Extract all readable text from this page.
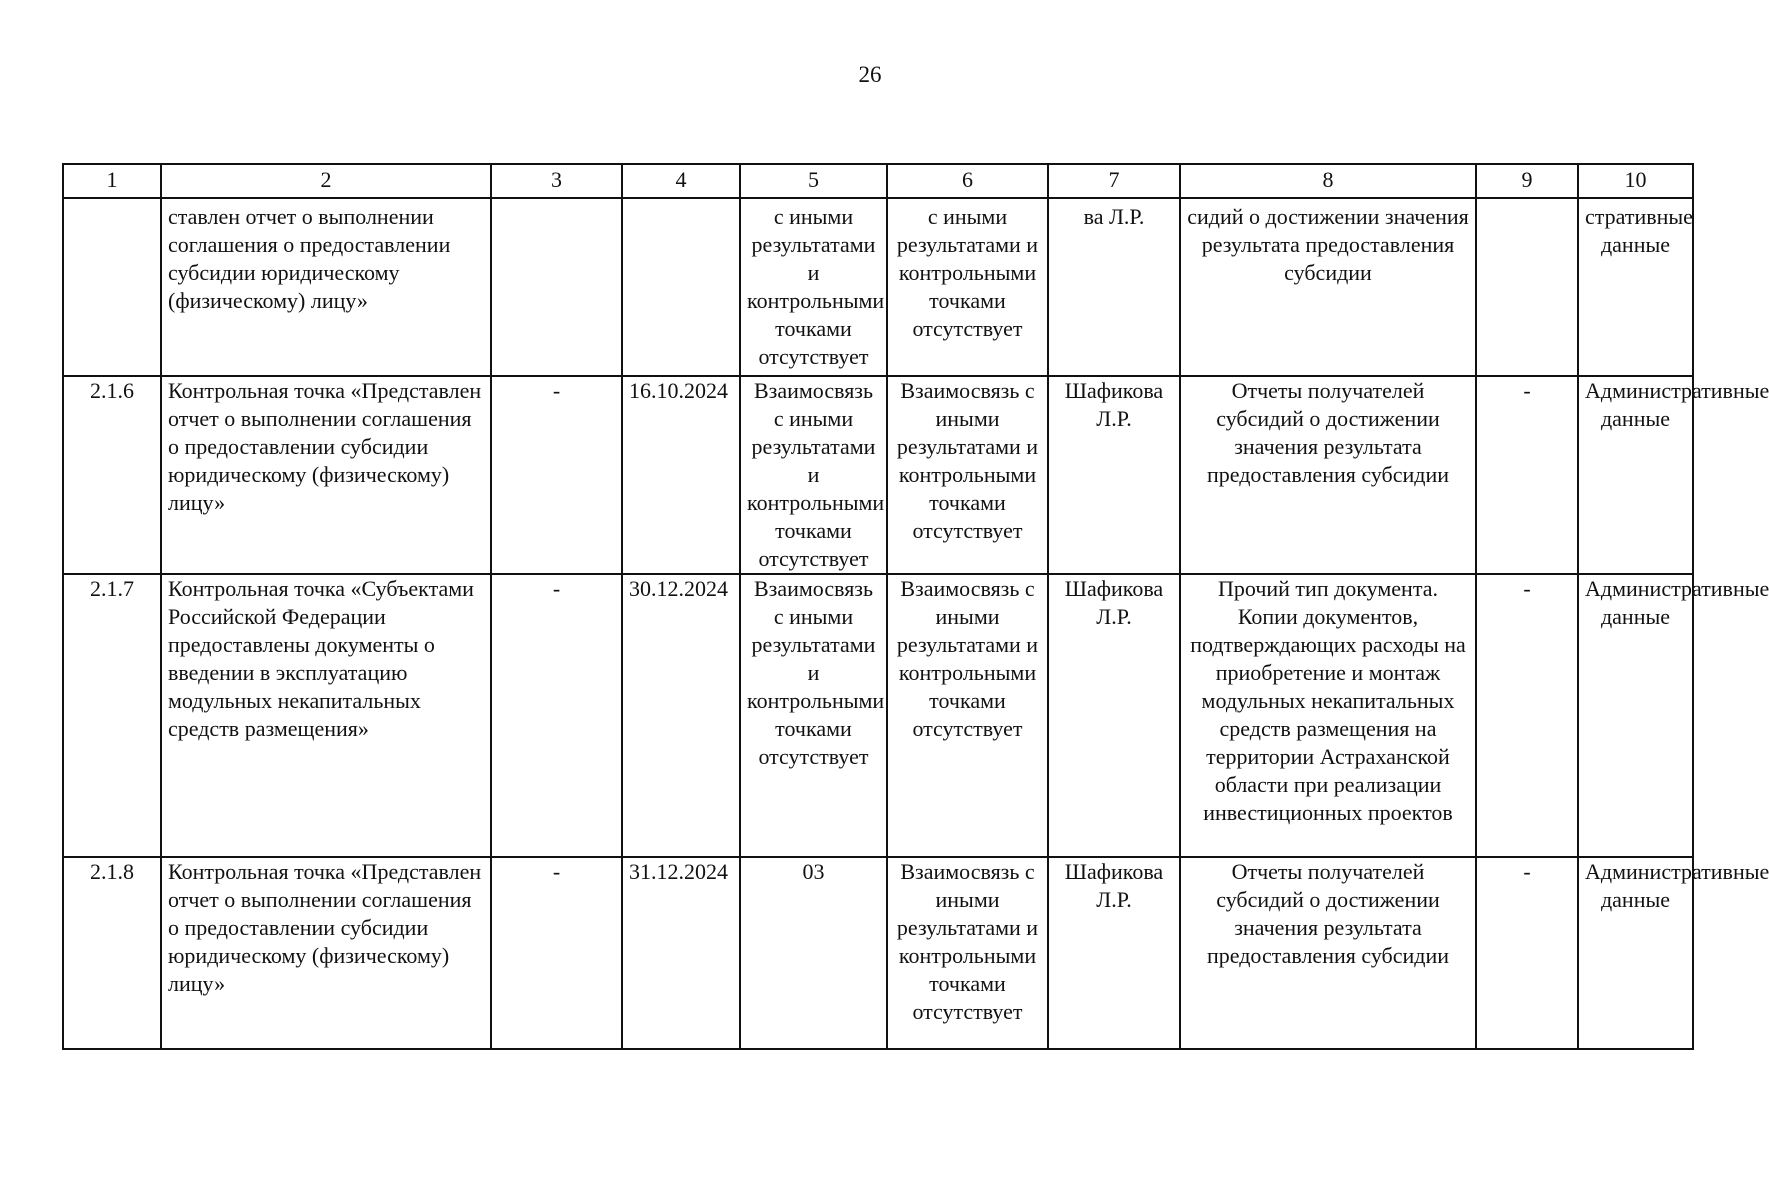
26
1	2	3	4	5	6	7	8	9	10
	ставлен отчет о выполнении соглашения о предоставлении субсидии юридическому (физическому) лицу»			с иными результатами и контрольными точками отсутствует	с иными результатами и контрольными точками отсутствует	ва Л.Р.	сидий о достижении значения результата предоставления субсидии		стративные данные
2.1.6	Контрольная точка «Представлен отчет о выполнении соглашения о предоставлении субсидии юридическому (физическому) лицу»	-	16.10.2024	Взаимосвязь с иными результатами и контрольными точками отсутствует	Взаимосвязь с иными результатами и контрольными точками отсутствует	Шафикова Л.Р.	Отчеты получателей субсидий о достижении значения результата предоставления субсидии	-	Административные данные
2.1.7	Контрольная точка «Субъектами Российской Федерации предоставлены документы о введении в эксплуатацию модульных некапитальных средств размещения»	-	30.12.2024	Взаимосвязь с иными результатами и контрольными точками отсутствует	Взаимосвязь с иными результатами и контрольными точками отсутствует	Шафикова Л.Р.	Прочий тип документа. Копии документов, подтверждающих расходы на приобретение и монтаж модульных некапитальных средств размещения на территории Астраханской области при реализации инвестиционных проектов	-	Административные данные
2.1.8	Контрольная точка «Представлен отчет о выполнении соглашения о предоставлении субсидии юридическому (физическому) лицу»	-	31.12.2024	03	Взаимосвязь с иными результатами и контрольными точками отсутствует	Шафикова Л.Р.	Отчеты получателей субсидий о достижении значения результата предоставления субсидии	-	Административные данные
